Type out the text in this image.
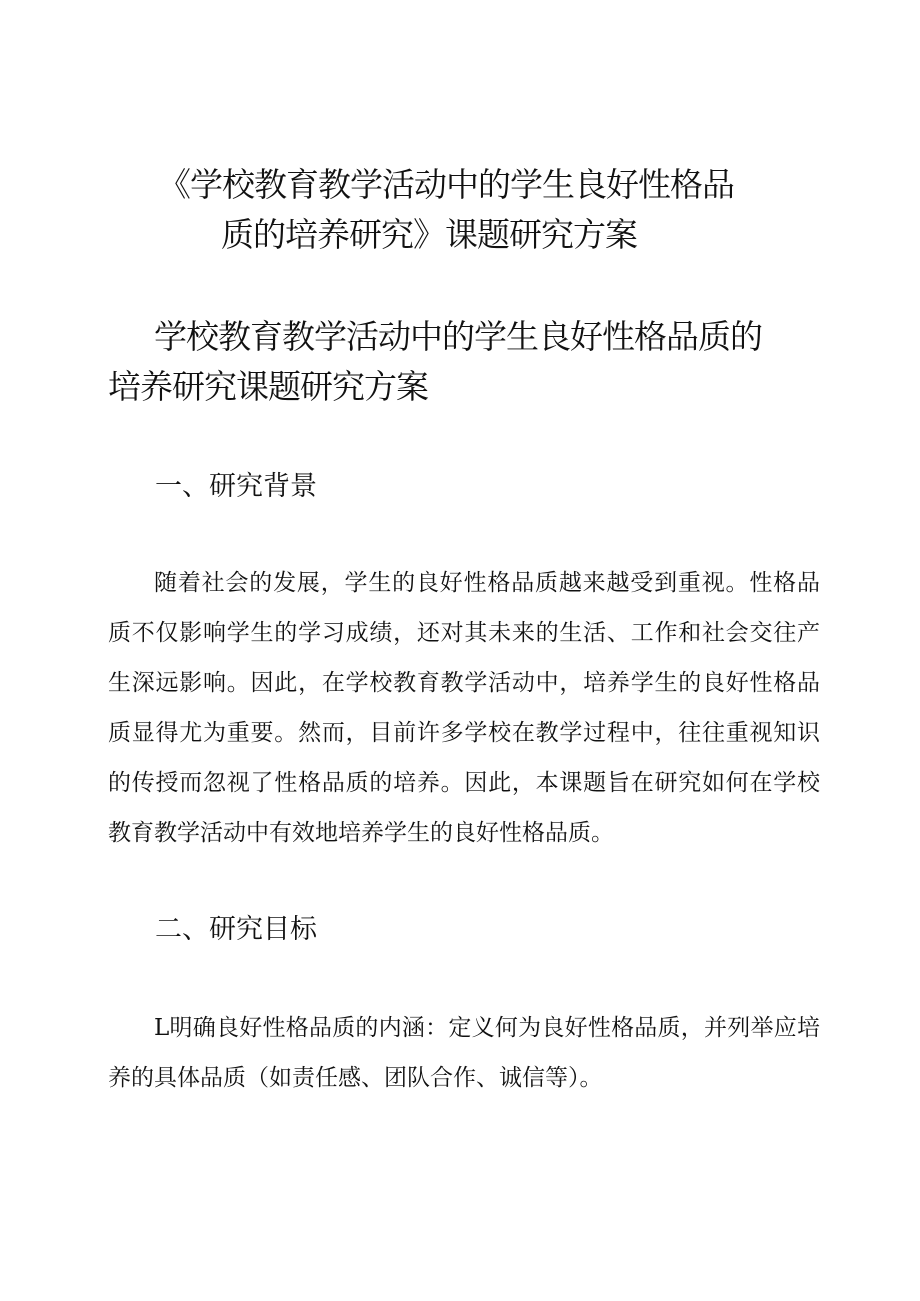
《学校教育教学活动中的学生良好性格品
质的培养研究》课题研究方案
学校教育教学活动中的学生良好性格品质的
培养研究课题研究方案
一、研究背景

随着社会的发展，学生的良好性格品质越来越受到重视。性格品质不仅影响学生的学习成绩，还对其未来的生活、工作和社会交往产生深远影响。因此，在学校教育教学活动中，培养学生的良好性格品质显得尤为重要。然而，目前许多学校在教学过程中，往往重视知识的传授而忽视了性格品质的培养。因此，本课题旨在研究如何在学校教育教学活动中有效地培养学生的良好性格品质。

二、研究目标

L明确良好性格品质的内涵：定义何为良好性格品质，并列举应培养的具体品质（如责任感、团队合作、诚信等）。
